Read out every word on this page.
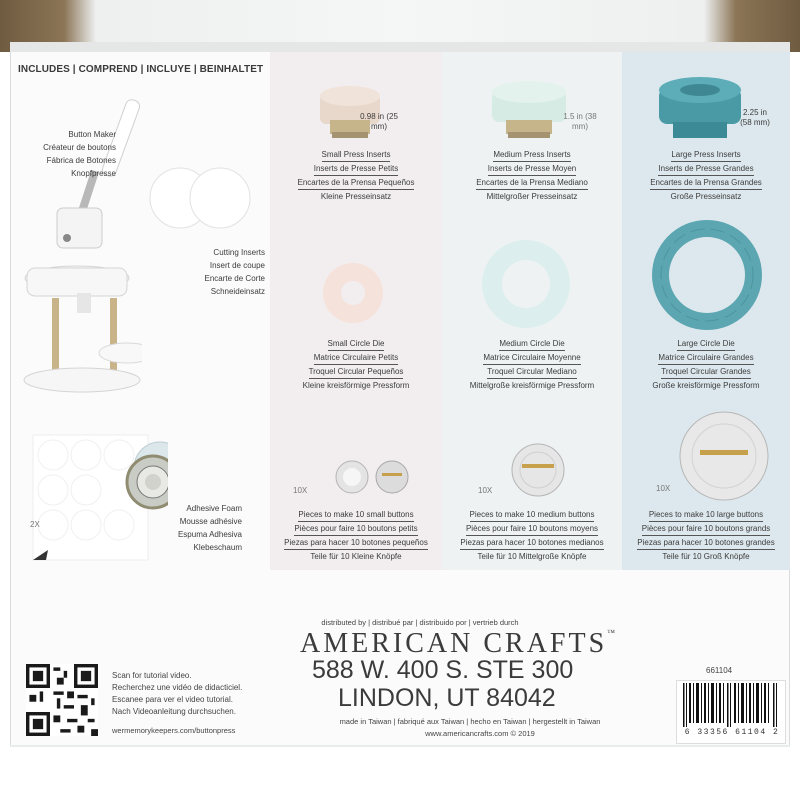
INCLUDES | COMPREND | INCLUYE | BEINHALTET
Button Maker
Créateur de boutons
Fábrica de Botones
Knopfpresse
Cutting Inserts
Insert de coupe
Encarte de Corte
Schneideinsatz
2X
Adhesive Foam
Mousse adhésive
Espuma Adhesiva
Klebeschaum
0.98 in (25 mm)
Small Press Inserts
Inserts de Presse Petits
Encartes de la Prensa Pequeños
Kleine Presseinsatz
Small Circle Die
Matrice Circulaire Petits
Troquel Circular Pequeños
Kleine kreisförmige Pressform
10X
Pieces to make 10 small buttons
Pièces pour faire 10 boutons petits
Piezas para hacer 10 botones pequeños
Teile für 10 Kleine Knöpfe
1.5 in (38 mm)
Medium Press Inserts
Inserts de Presse Moyen
Encartes de la Prensa Mediano
Mittelgroßer Presseinsatz
Medium Circle Die
Matrice Circulaire Moyenne
Troquel Circular Mediano
Mittelgroße kreisförmige Pressform
10X
Pieces to make 10 medium buttons
Pièces pour faire 10 boutons moyens
Piezas para hacer 10 botones medianos
Teile für 10 Mittelgroße Knöpfe
2.25 in
(58 mm)
Large Press Inserts
Inserts de Presse Grandes
Encartes de la Prensa Grandes
Große Presseinsatz
Large Circle Die
Matrice Circulaire Grandes
Troquel Circular Grandes
Große kreisförmige Pressform
10X
Pieces to make 10 large buttons
Pièces pour faire 10 boutons grands
Piezas para hacer 10 botones grandes
Teile für 10 Groß Knöpfe
distributed by | distribué par | distribuido por | vertrieb durch
AMERICAN CRAFTS™
588 W. 400 S. STE 300
LINDON, UT 84042
made in Taiwan | fabriqué aux Taiwan | hecho en Taiwan | hergestellt in Taiwan
www.americancrafts.com © 2019
Scan for tutorial video.
Recherchez une vidéo de didacticiel.
Escanee para ver el video tutorial.
Nach Videoanleitung durchsuchen.
wermemorykeepers.com/buttonpress
661104
6 33356 61104 2
